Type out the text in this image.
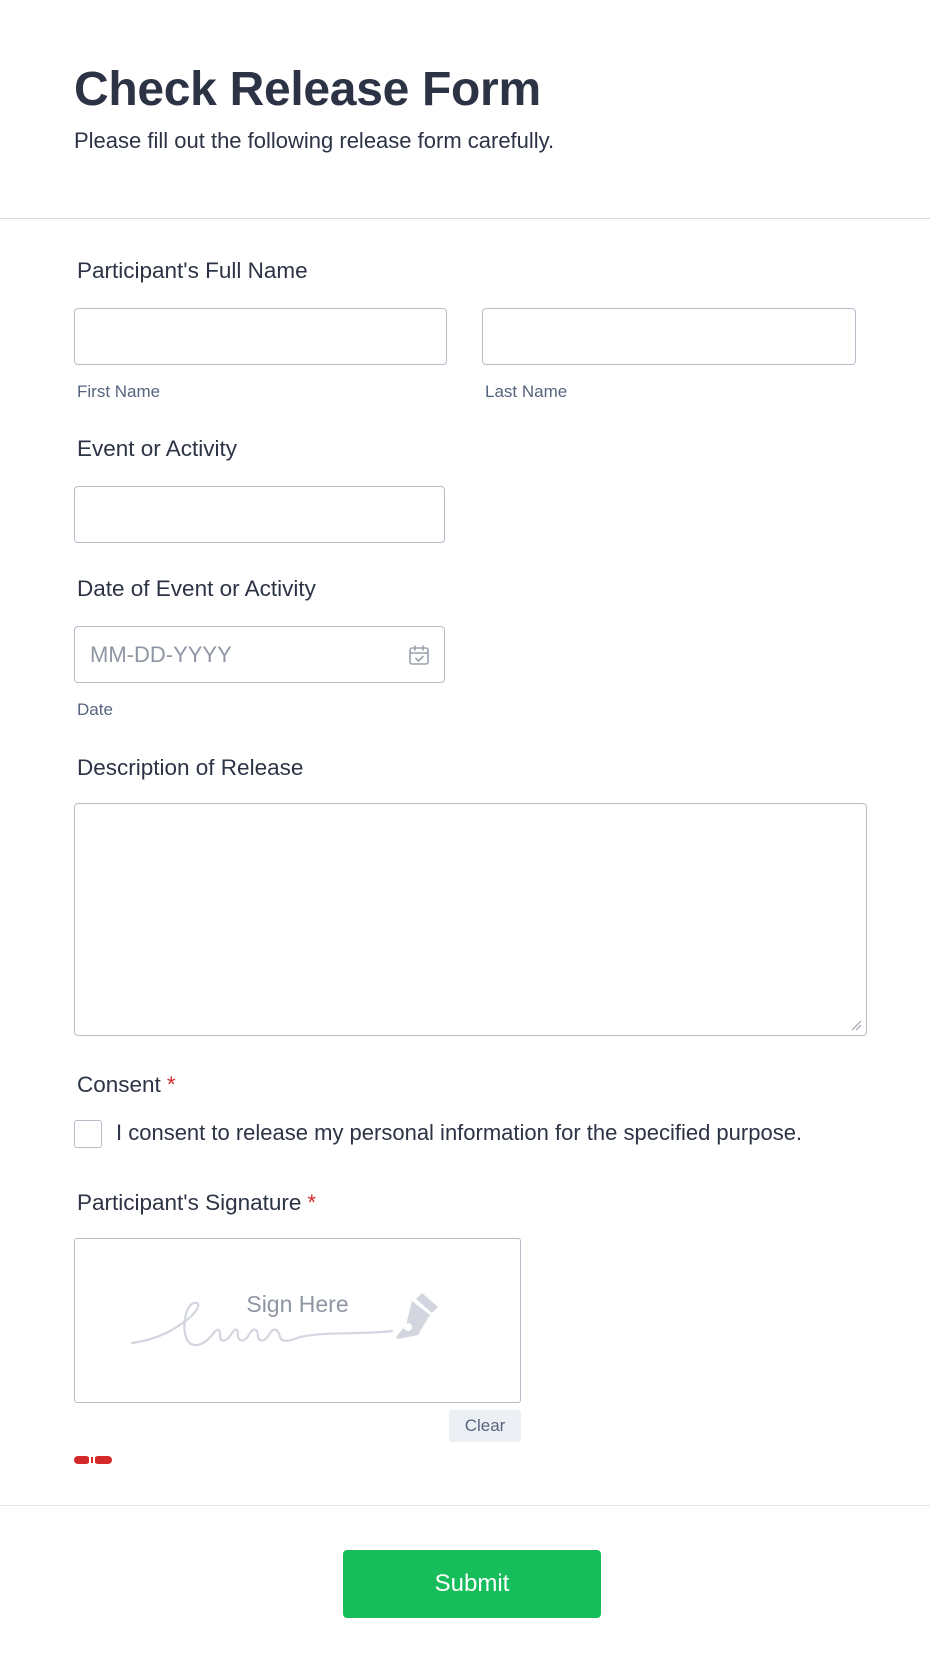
Check Release Form

Please fill out the following release form carefully.

Participant's Full Name
First Name	Last Name
Event or Activity
Date of Event or Activity
MM-DD-YYYY
Date
Description of Release
Consent *
I consent to release my personal information for the specified purpose.
Participant's Signature *
Sign Here
Clear
Submit
